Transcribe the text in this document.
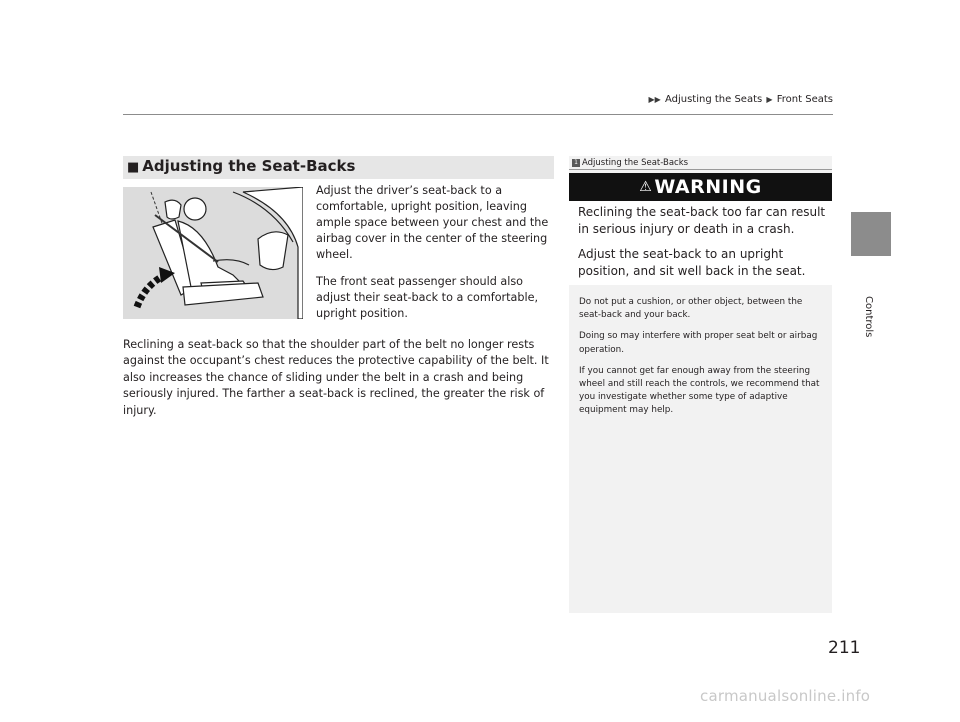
▶▶ Adjusting the Seats ▶ Front Seats
Controls
■ Adjusting the Seat-Backs

Adjust the driver’s seat-back to a comfortable, upright position, leaving ample space between your chest and the airbag cover in the center of the steering wheel.

The front seat passenger should also adjust their seat-back to a comfortable, upright position.

Reclining a seat-back so that the shoulder part of the belt no longer rests against the occupant’s chest reduces the protective capability of the belt. It also increases the chance of sliding under the belt in a crash and being seriously injured. The farther a seat-back is reclined, the greater the risk of injury.
1 Adjusting the Seat-Backs
⚠ WARNING

Reclining the seat-back too far can result in serious injury or death in a crash.

Adjust the seat-back to an upright position, and sit well back in the seat.

Do not put a cushion, or other object, between the seat-back and your back.

Doing so may interfere with proper seat belt or airbag operation.

If you cannot get far enough away from the steering wheel and still reach the controls, we recommend that you investigate whether some type of adaptive equipment may help.

211
carmanualsonline.info
